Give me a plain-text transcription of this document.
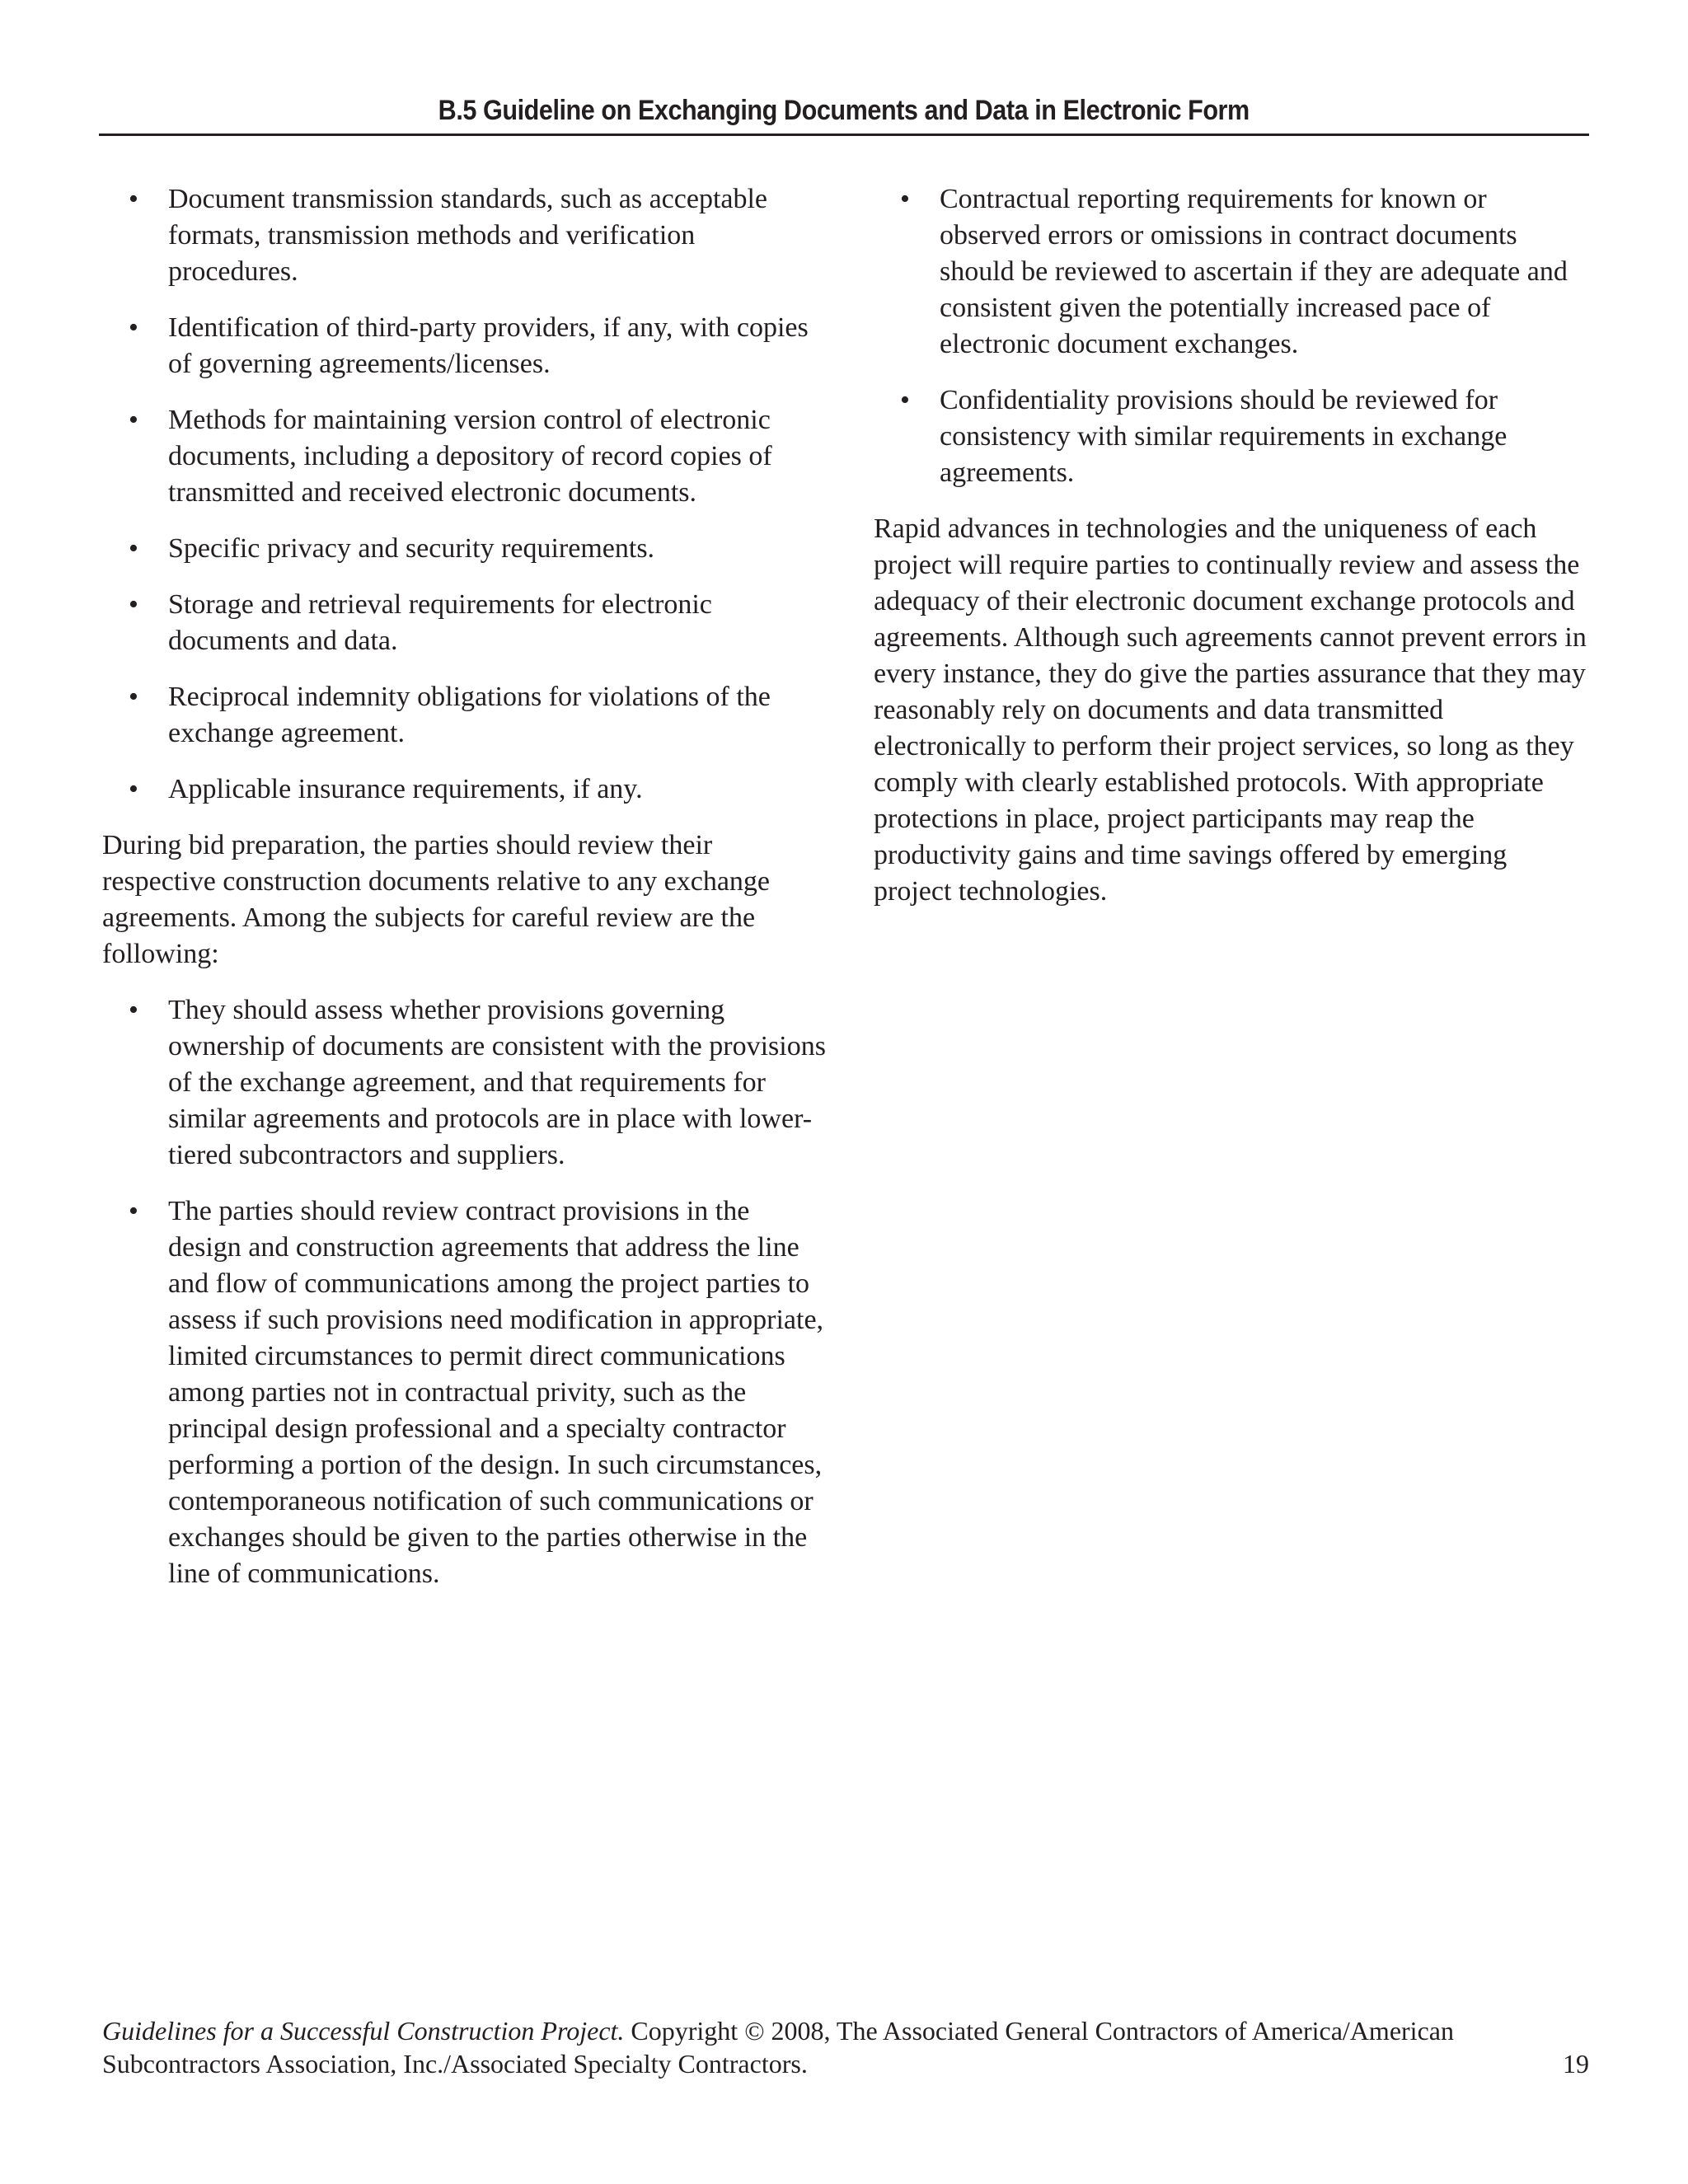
B.5 Guideline on Exchanging Documents and Data in Electronic Form
• Document transmission standards, such as acceptable formats, transmission methods and verification procedures.
• Identification of third-party providers, if any, with copies of governing agreements/licenses.
• Methods for maintaining version control of electronic documents, including a depository of record copies of transmitted and received electronic documents.
• Specific privacy and security requirements.
• Storage and retrieval requirements for electronic documents and data.
• Reciprocal indemnity obligations for violations of the exchange agreement.
• Applicable insurance requirements, if any.

During bid preparation, the parties should review their respective construction documents relative to any exchange agreements. Among the subjects for careful review are the following:

• They should assess whether provisions governing ownership of documents are consistent with the provisions of the exchange agreement, and that requirements for similar agreements and protocols are in place with lower-tiered subcontractors and suppliers.
• The parties should review contract provisions in the design and construction agreements that address the line and flow of communications among the project parties to assess if such provisions need modification in appropriate, limited circumstances to permit direct communications among parties not in contractual privity, such as the principal design professional and a specialty contractor performing a portion of the design. In such circumstances, contemporaneous notification of such communications or exchanges should be given to the parties otherwise in the line of communications.
• Contractual reporting requirements for known or observed errors or omissions in contract documents should be reviewed to ascertain if they are adequate and consistent given the potentially increased pace of electronic document exchanges.
• Confidentiality provisions should be reviewed for consistency with similar requirements in exchange agreements.

Rapid advances in technologies and the uniqueness of each project will require parties to continually review and assess the adequacy of their electronic document exchange protocols and agreements. Although such agreements cannot prevent errors in every instance, they do give the parties assurance that they may reasonably rely on documents and data transmitted electronically to perform their project services, so long as they comply with clearly established protocols. With appropriate protections in place, project participants may reap the productivity gains and time savings offered by emerging project technologies.

Guidelines for a Successful Construction Project. Copyright © 2008, The Associated General Contractors of America/American
Subcontractors Association, Inc./Associated Specialty Contractors.	19
